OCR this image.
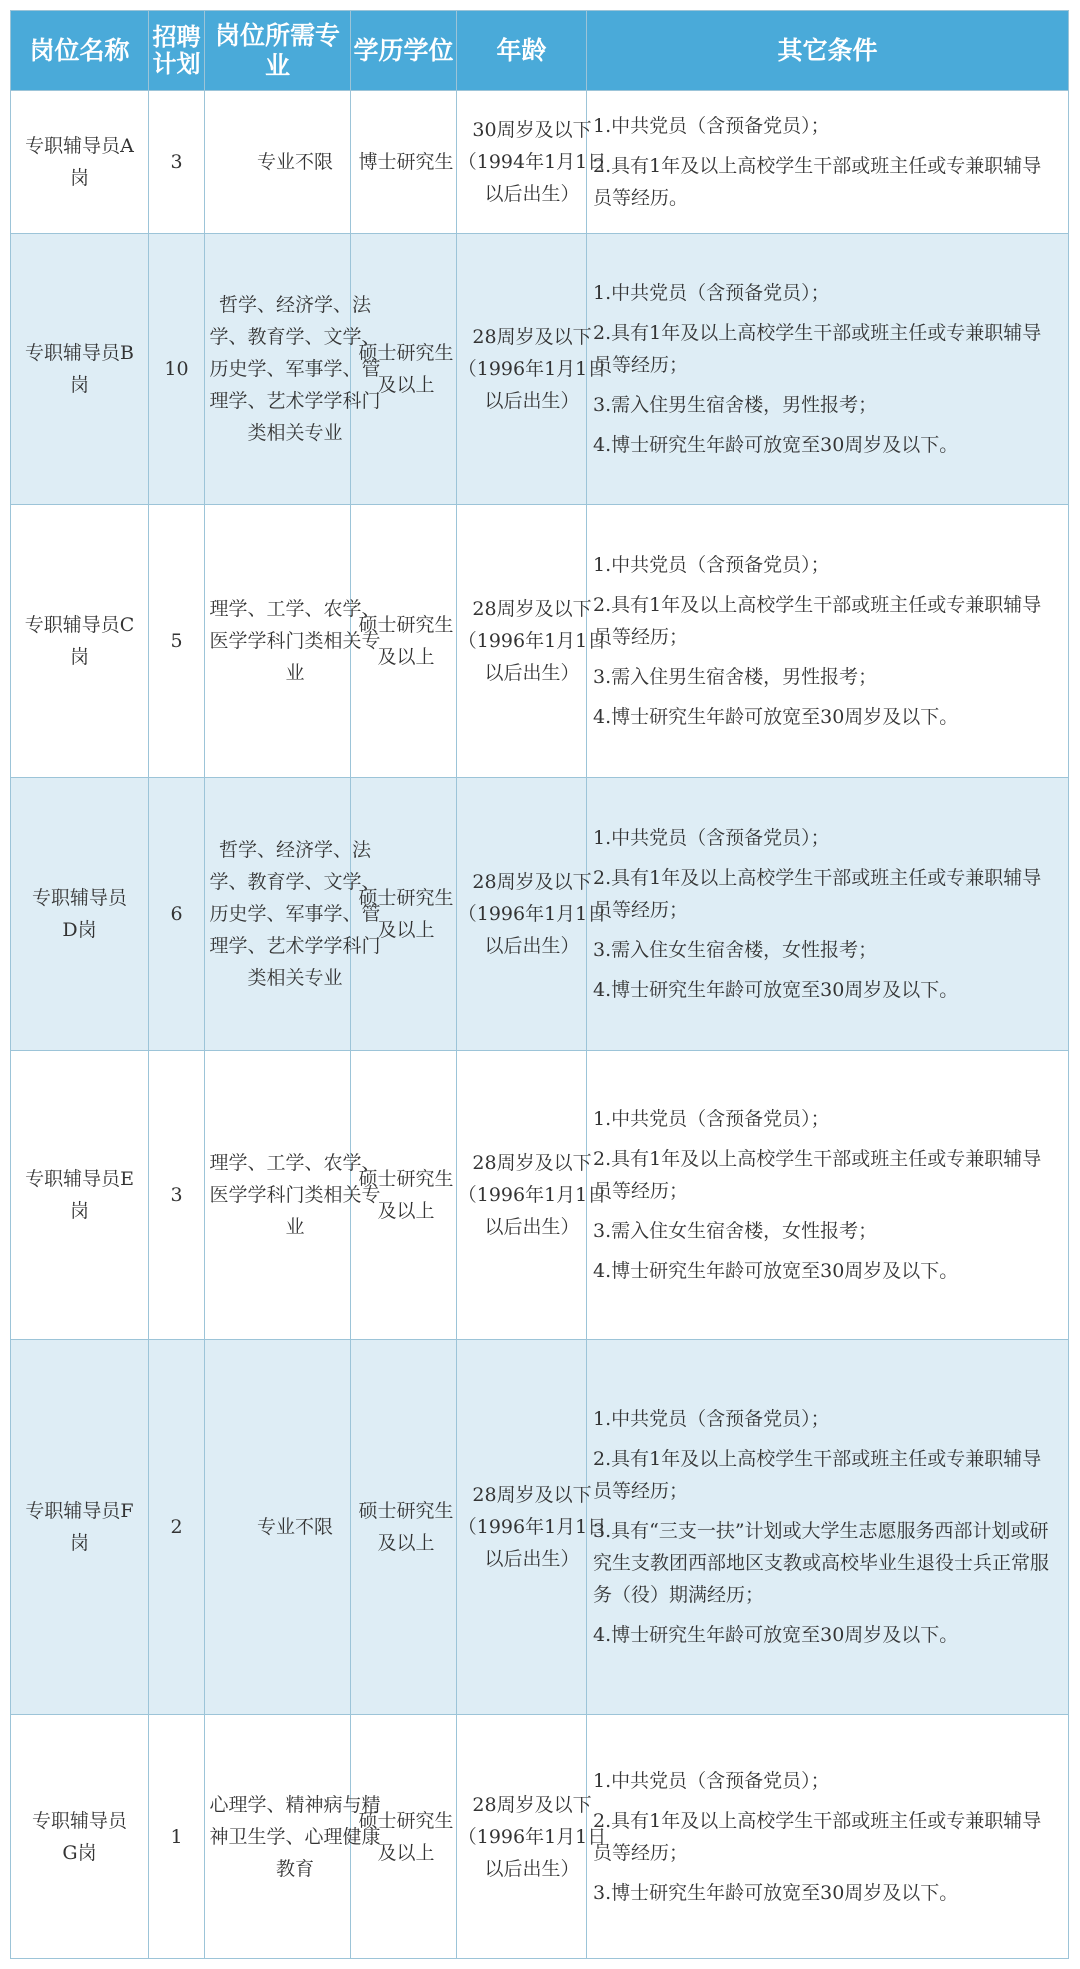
岗位名称	招聘计划	岗位所需专业	学历学位	年龄	其它条件

专职辅导员A岗	3	专业不限	博士研究生	30周岁及以下（1994年1月1日以后出生）	1.中共党员（含预备党员）；
2.具有1年及以上高校学生干部或班主任或专兼职辅导员等经历。

专职辅导员B岗	10	哲学、经济学、法学、教育学、文学、历史学、军事学、管理学、艺术学学科门类相关专业	硕士研究生及以上	28周岁及以下（1996年1月1日以后出生）	1.中共党员（含预备党员）；
2.具有1年及以上高校学生干部或班主任或专兼职辅导员等经历；
3.需入住男生宿舍楼，男性报考；
4.博士研究生年龄可放宽至30周岁及以下。

专职辅导员C岗	5	理学、工学、农学、医学学科门类相关专业	硕士研究生及以上	28周岁及以下（1996年1月1日以后出生）	1.中共党员（含预备党员）；
2.具有1年及以上高校学生干部或班主任或专兼职辅导员等经历；
3.需入住男生宿舍楼，男性报考；
4.博士研究生年龄可放宽至30周岁及以下。

专职辅导员D岗	6	哲学、经济学、法学、教育学、文学、历史学、军事学、管理学、艺术学学科门类相关专业	硕士研究生及以上	28周岁及以下（1996年1月1日以后出生）	1.中共党员（含预备党员）；
2.具有1年及以上高校学生干部或班主任或专兼职辅导员等经历；
3.需入住女生宿舍楼，女性报考；
4.博士研究生年龄可放宽至30周岁及以下。

专职辅导员E岗	3	理学、工学、农学、医学学科门类相关专业	硕士研究生及以上	28周岁及以下（1996年1月1日以后出生）	1.中共党员（含预备党员）；
2.具有1年及以上高校学生干部或班主任或专兼职辅导员等经历；
3.需入住女生宿舍楼，女性报考；
4.博士研究生年龄可放宽至30周岁及以下。

专职辅导员F岗	2	专业不限	硕士研究生及以上	28周岁及以下（1996年1月1日以后出生）	1.中共党员（含预备党员）；
2.具有1年及以上高校学生干部或班主任或专兼职辅导员等经历；
3.具有“三支一扶”计划或大学生志愿服务西部计划或研究生支教团西部地区支教或高校毕业生退役士兵正常服务（役）期满经历；
4.博士研究生年龄可放宽至30周岁及以下。

专职辅导员G岗	1	心理学、精神病与精神卫生学、心理健康教育	硕士研究生及以上	28周岁及以下（1996年1月1日以后出生）	1.中共党员（含预备党员）；
2.具有1年及以上高校学生干部或班主任或专兼职辅导员等经历；
3.博士研究生年龄可放宽至30周岁及以下。
